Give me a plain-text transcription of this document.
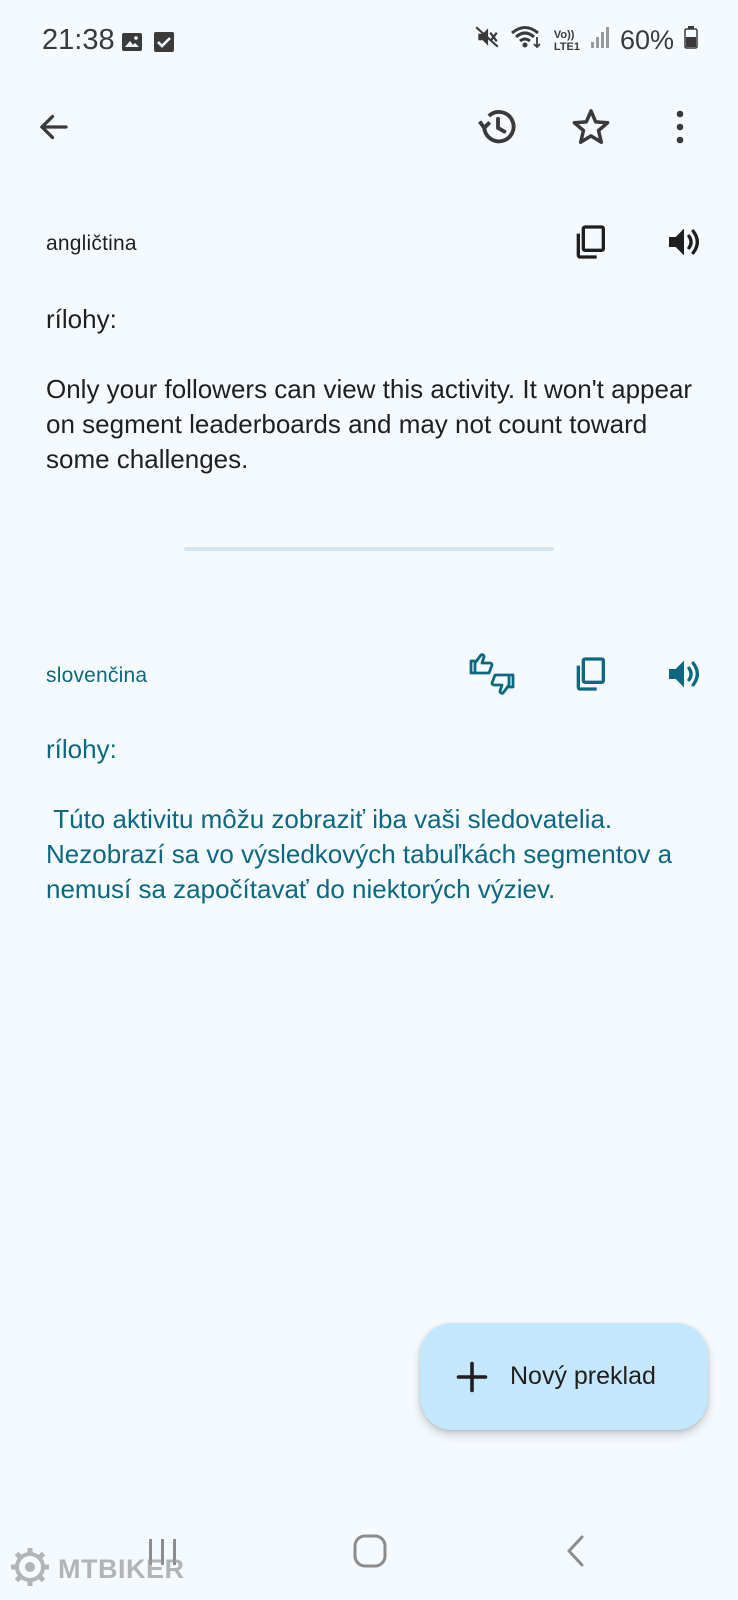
21:38	Vo))
LTE1 60%
angličtina
rílohy:

Only your followers can view this activity. It won't appear on segment leaderboards and may not count toward some challenges.
slovenčina
rílohy:

Túto aktivitu môžu zobraziť iba vaši sledovatelia. Nezobrazí sa vo výsledkových tabuľkách segmentov a nemusí sa započítavať do niektorých výziev.
Nový preklad
MTBIKER
